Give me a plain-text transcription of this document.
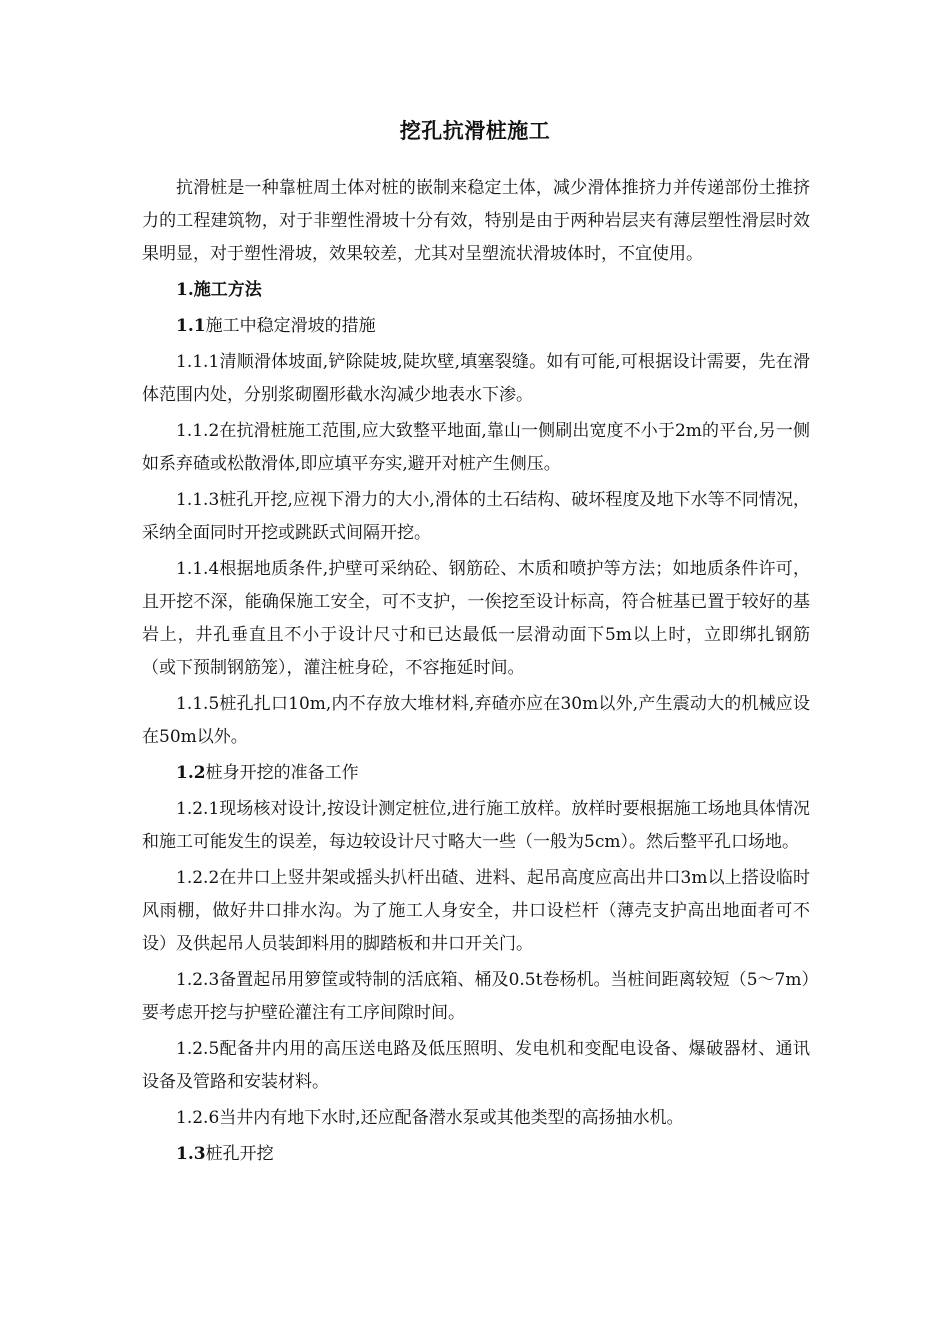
挖孔抗滑桩施工
抗滑桩是一种靠桩周土体对桩的嵌制来稳定土体，减少滑体推挤力并传递部份土推挤力的工程建筑物，对于非塑性滑坡十分有效，特别是由于两种岩层夹有薄层塑性滑层时效果明显，对于塑性滑坡，效果较差，尤其对呈塑流状滑坡体时，不宜使用。
1.施工方法
1.1施工中稳定滑坡的措施
1.1.1清顺滑体坡面,铲除陡坡,陡坎壁,填塞裂缝。如有可能,可根据设计需要，先在滑体范围内处，分别浆砌圈形截水沟减少地表水下渗。
1.1.2在抗滑桩施工范围,应大致整平地面,靠山一侧刷出宽度不小于2m的平台,另一侧如系弃碴或松散滑体,即应填平夯实,避开对桩产生侧压。
1.1.3桩孔开挖,应视下滑力的大小,滑体的土石结构、破坏程度及地下水等不同情况，采纳全面同时开挖或跳跃式间隔开挖。
1.1.4根据地质条件,护壁可采纳砼、钢筋砼、木质和喷护等方法；如地质条件许可，且开挖不深，能确保施工安全，可不支护，一俟挖至设计标高，符合桩基已置于较好的基岩上，井孔垂直且不小于设计尺寸和已达最低一层滑动面下5m以上时，立即绑扎钢筋（或下预制钢筋笼），灌注桩身砼，不容拖延时间。
1.1.5桩孔扎口10m,内不存放大堆材料,弃碴亦应在30m以外,产生震动大的机械应设在50m以外。
1.2桩身开挖的准备工作
1.2.1现场核对设计,按设计测定桩位,进行施工放样。放样时要根据施工场地具体情况和施工可能发生的误差，每边较设计尺寸略大一些（一般为5cm）。然后整平孔口场地。
1.2.2在井口上竖井架或摇头扒杆出碴、进料、起吊高度应高出井口3m以上搭设临时风雨棚，做好井口排水沟。为了施工人身安全，井口设栏杆（薄壳支护高出地面者可不设）及供起吊人员装卸料用的脚踏板和井口开关门。
1.2.3备置起吊用箩筐或特制的活底箱、桶及0.5t卷杨机。当桩间距离较短（5～7m）要考虑开挖与护壁砼灌注有工序间隙时间。
1.2.5配备井内用的高压送电路及低压照明、发电机和变配电设备、爆破器材、通讯设备及管路和安装材料。
1.2.6当井内有地下水时,还应配备潜水泵或其他类型的高扬抽水机。
1.3桩孔开挖
